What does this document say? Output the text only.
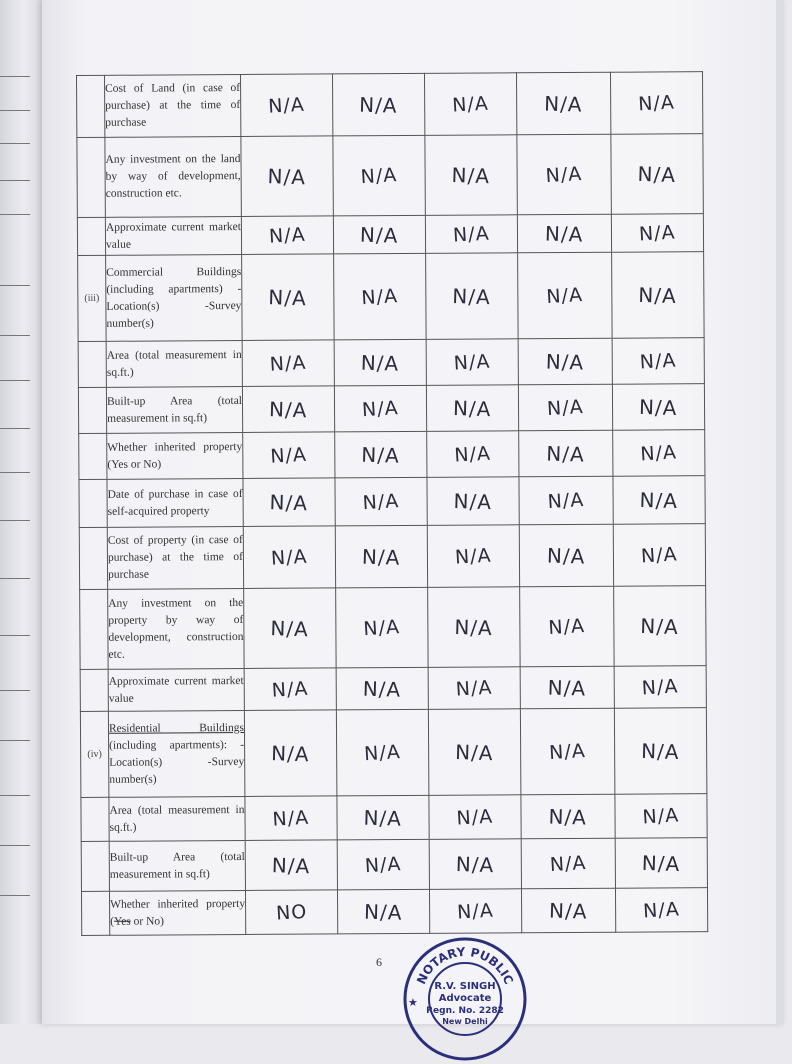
	Cost of Land (in case of purchase) at the time of purchase	N/A	N/A	N/A	N/A	N/A
	Any investment on the land by way of development, construction etc.	N/A	N/A	N/A	N/A	N/A
	Approximate current market value	N/A	N/A	N/A	N/A	N/A
(iii)	Commercial Buildings (including apartments) -Location(s) -Survey number(s)	N/A	N/A	N/A	N/A	N/A
	Area (total measurement in sq.ft.)	N/A	N/A	N/A	N/A	N/A
	Built-up Area (total measurement in sq.ft)	N/A	N/A	N/A	N/A	N/A
	Whether inherited property (Yes or No)	N/A	N/A	N/A	N/A	N/A
	Date of purchase in case of self-acquired property	N/A	N/A	N/A	N/A	N/A
	Cost of property (in case of purchase) at the time of purchase	N/A	N/A	N/A	N/A	N/A
	Any investment on the property by way of development, construction etc.	N/A	N/A	N/A	N/A	N/A
	Approximate current market value	N/A	N/A	N/A	N/A	N/A
(iv)	Residential Buildings (including apartments): -Location(s) -Survey number(s)	N/A	N/A	N/A	N/A	N/A
	Area (total measurement in sq.ft.)	N/A	N/A	N/A	N/A	N/A
	Built-up Area (total measurement in sq.ft)	N/A	N/A	N/A	N/A	N/A
	Whether inherited property (Yes or No)	NO	N/A	N/A	N/A	N/A
6
NOTARY PUBLIC
★
R.V. SINGH
Advocate
Regn. No. 2282
New Delhi
